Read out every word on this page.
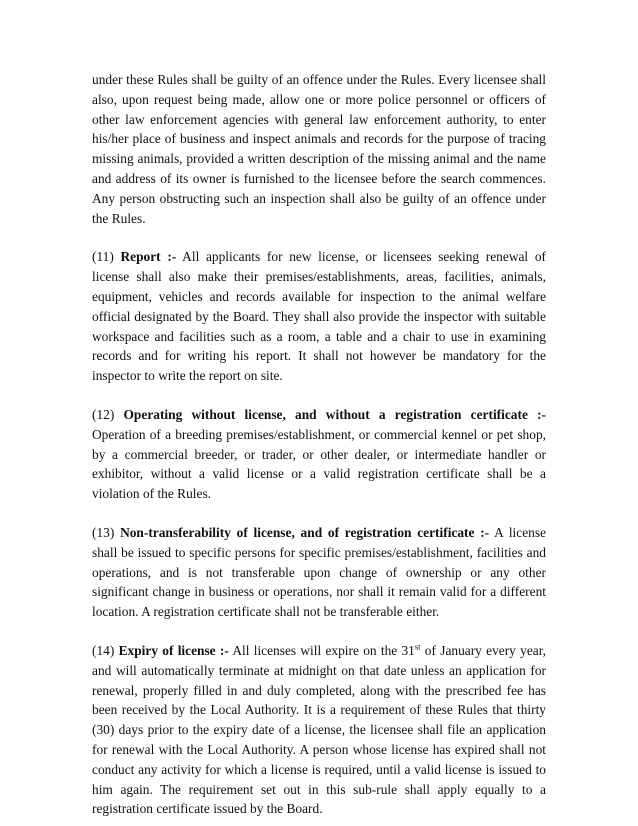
under these Rules shall be guilty of an offence under the Rules. Every licensee shall also, upon request being made, allow one or more police personnel or officers of other law enforcement agencies with general law enforcement authority, to enter his/her place of business and inspect animals and records for the purpose of tracing missing animals, provided a written description of the missing animal and the name and address of its owner is furnished to the licensee before the search commences. Any person obstructing such an inspection shall also be guilty of an offence under the Rules.

(11) Report :- All applicants for new license, or licensees seeking renewal of license shall also make their premises/establishments, areas, facilities, animals, equipment, vehicles and records available for inspection to the animal welfare official designated by the Board. They shall also provide the inspector with suitable workspace and facilities such as a room, a table and a chair to use in examining records and for writing his report. It shall not however be mandatory for the inspector to write the report on site.

(12) Operating without license, and without a registration certificate :- Operation of a breeding premises/establishment, or commercial kennel or pet shop, by a commercial breeder, or trader, or other dealer, or intermediate handler or exhibitor, without a valid license or a valid registration certificate shall be a violation of the Rules.

(13) Non-transferability of license, and of registration certificate :- A license shall be issued to specific persons for specific premises/establishment, facilities and operations, and is not transferable upon change of ownership or any other significant change in business or operations, nor shall it remain valid for a different location. A registration certificate shall not be transferable either.

(14) Expiry of license :- All licenses will expire on the 31st of January every year, and will automatically terminate at midnight on that date unless an application for renewal, properly filled in and duly completed, along with the prescribed fee has been received by the Local Authority. It is a requirement of these Rules that thirty (30) days prior to the expiry date of a license, the licensee shall file an application for renewal with the Local Authority. A person whose license has expired shall not conduct any activity for which a license is required, until a valid license is issued to him again. The requirement set out in this sub-rule shall apply equally to a registration certificate issued by the Board.
